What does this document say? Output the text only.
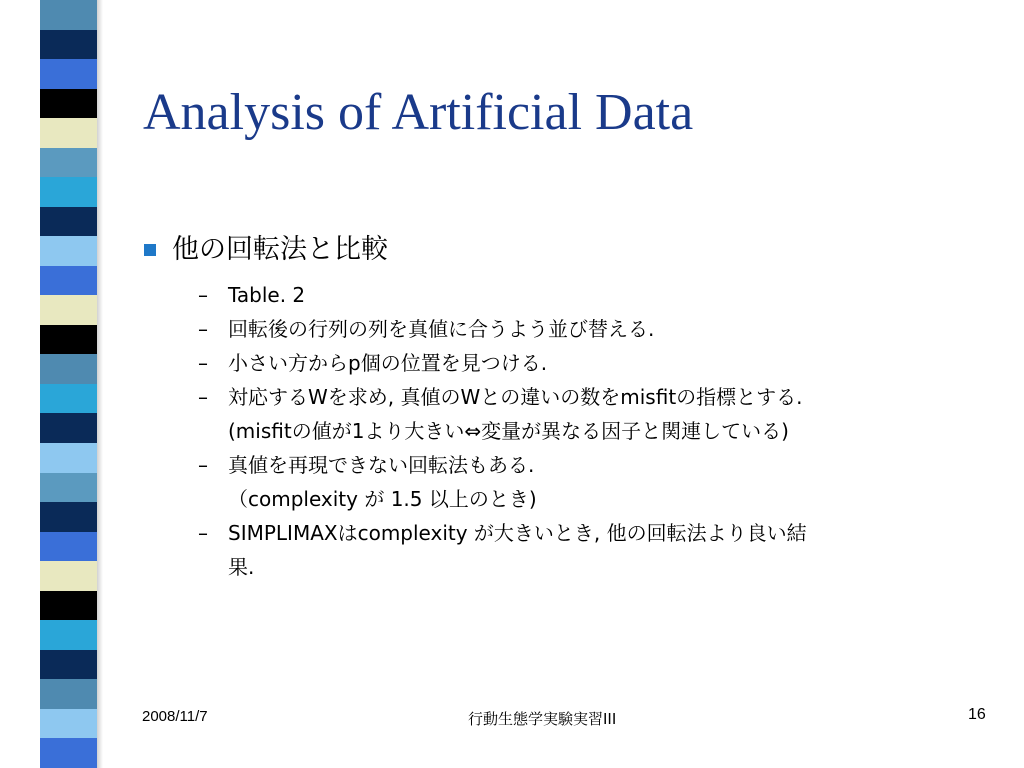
Analysis of Artificial Data
他の回転法と比較
– Table. 2
– 回転後の行列の列を真値に合うよう並び替える.
– 小さい方からp個の位置を見つける.
– 対応するWを求め, 真値のWとの違いの数をmisfitの指標とする.
(misfitの値が1より大きい⇔変量が異なる因子と関連している)
– 真値を再現できない回転法もある.
（complexity が 1.5 以上のとき)
– SIMPLIMAXはcomplexity が大きいとき, 他の回転法より良い結
果.
2008/11/7	行動生態学実験実習III	16
